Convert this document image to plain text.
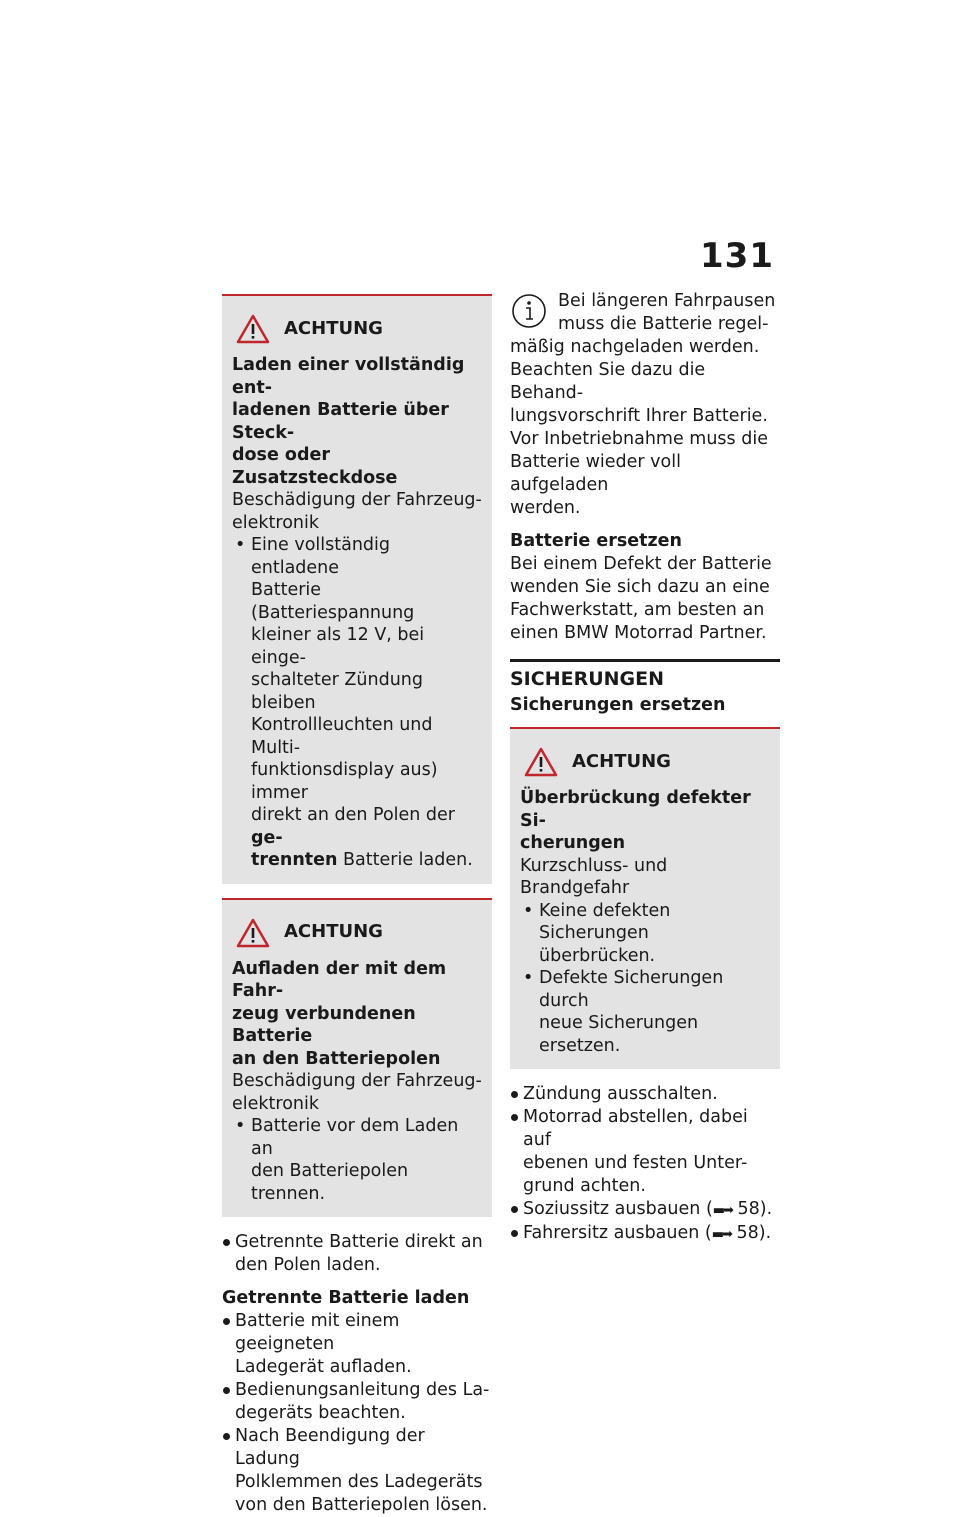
131
ACHTUNG
Laden einer vollständig ent-
ladenen Batterie über Steck-
dose oder Zusatzsteckdose
Beschädigung der Fahrzeug-
elektronik
• Eine vollständig entladene
Batterie (Batteriespannung
kleiner als 12 V, bei einge-
schalteter Zündung bleiben
Kontrollleuchten und Multi-
funktionsdisplay aus) immer
direkt an den Polen der ge-
trennten Batterie laden.
ACHTUNG
Aufladen der mit dem Fahr-
zeug verbundenen Batterie
an den Batteriepolen
Beschädigung der Fahrzeug-
elektronik
• Batterie vor dem Laden an
den Batteriepolen trennen.
Getrennte Batterie direkt an
den Polen laden.
Getrennte Batterie laden
Batterie mit einem geeigneten
Ladegerät aufladen.
Bedienungsanleitung des La-
degeräts beachten.
Nach Beendigung der Ladung
Polklemmen des Ladegeräts
von den Batteriepolen lösen.
Bei längeren Fahrpausen
muss die Batterie regel-
mäßig nachgeladen werden.
Beachten Sie dazu die Behand-
lungsvorschrift Ihrer Batterie.
Vor Inbetriebnahme muss die
Batterie wieder voll aufgeladen
werden.
Batterie ersetzen
Bei einem Defekt der Batterie
wenden Sie sich dazu an eine
Fachwerkstatt, am besten an
einen BMW Motorrad Partner.
SICHERUNGEN
Sicherungen ersetzen
ACHTUNG
Überbrückung defekter Si-
cherungen
Kurzschluss- und Brandgefahr
• Keine defekten Sicherungen
überbrücken.
• Defekte Sicherungen durch
neue Sicherungen ersetzen.
Zündung ausschalten.
Motorrad abstellen, dabei auf
ebenen und festen Unter-
grund achten.
Soziussitz ausbauen (▬➡ 58).
Fahrersitz ausbauen (▬➡ 58).
